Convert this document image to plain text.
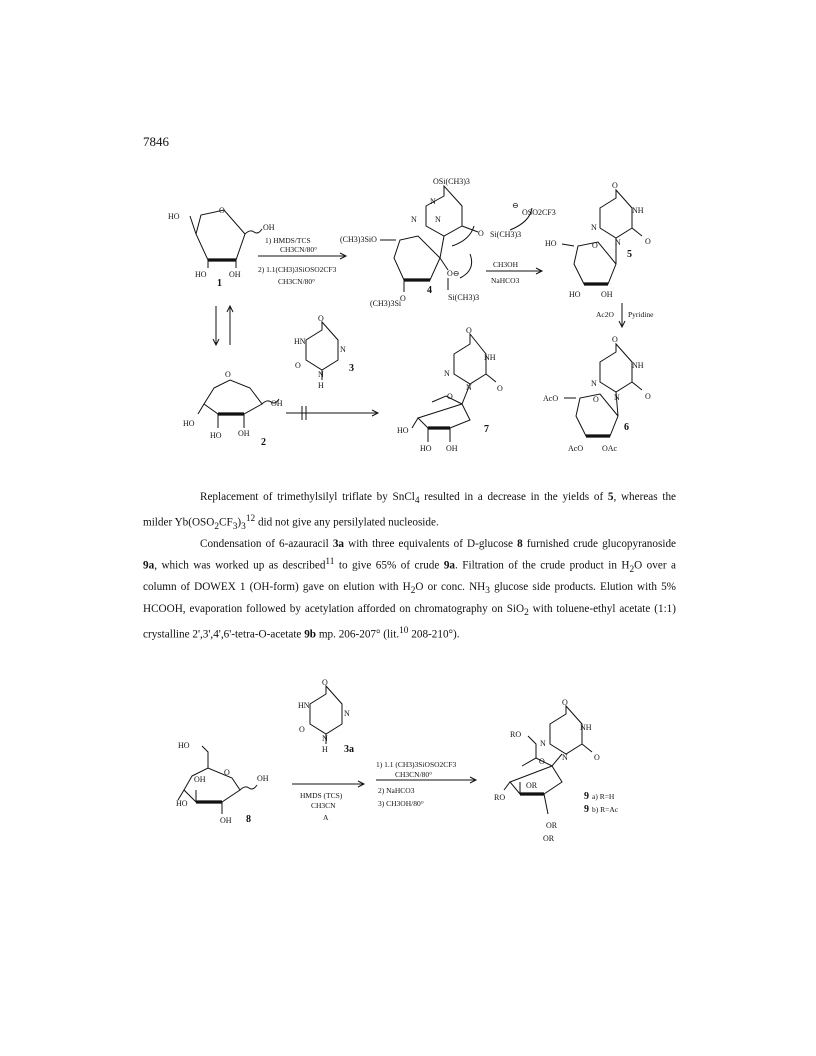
7846
HO
O
OH
HO	OH
1
1) HMDS/TCS
CH3CN/80°
2) 1.1(CH3)3SiOSO2CF3
CH3CN/80°
OSi(CH3)3
N
N N
O Si(CH3)3
⊖
OSO2CF3
(CH3)3SiO
O⊖
O
4
Si(CH3)3
(CH3)3Si
CH3OH
NaHCO3
O
NH
N
N	O
HO	O
5
HO	OH
Ac2O Pyridine
O
HN
N
O
N
H
3
O
OH
HO
HO OH
2
O
NH
N
N	O
O
HO
HO OH
7
O
NH
N
N	O
AcO	O
6
AcO OAc
HO
O
OH	OH
HO
OH 8
O
HN
N
O
N
H 3a
HMDS (TCS)
CH3CN
A
1) 1.1 (CH3)3SiOSO2CF3
CH3CN/80°
2) NaHCO3
3) CH3OH/80°
O
NH
N
N	O
RO
O
OR
RO
OR
OR
9 a) R=H
9 b) R=Ac

Replacement of trimethylsilyl triflate by SnCl$_4$ resulted in a decrease in the yields of 5, whereas the milder $Yb(OSO_2CF_3)_3^{12}$ did not give any persilylated nucleoside.

Condensation of 6-azauracil 3a with three equivalents of D-glucose 8 furnished crude glucopyranoside 9a, which was worked up as described$^{11}$ to give 65% of crude 9a. Filtration of the crude product in $H_2O$ over a column of DOWEX 1 (OH-form) gave on elution with $H_2O$ or conc. $NH_3$ glucose side products. Elution with 5% HCOOH, evaporation followed by acetylation afforded on chromatography on SiO$_2$ with toluene-ethyl acetate (1:1) crystalline 2',3',4',6'-tetra-O-acetate 9b mp. 206-207° (lit.$^{10}$ 208-210°).
